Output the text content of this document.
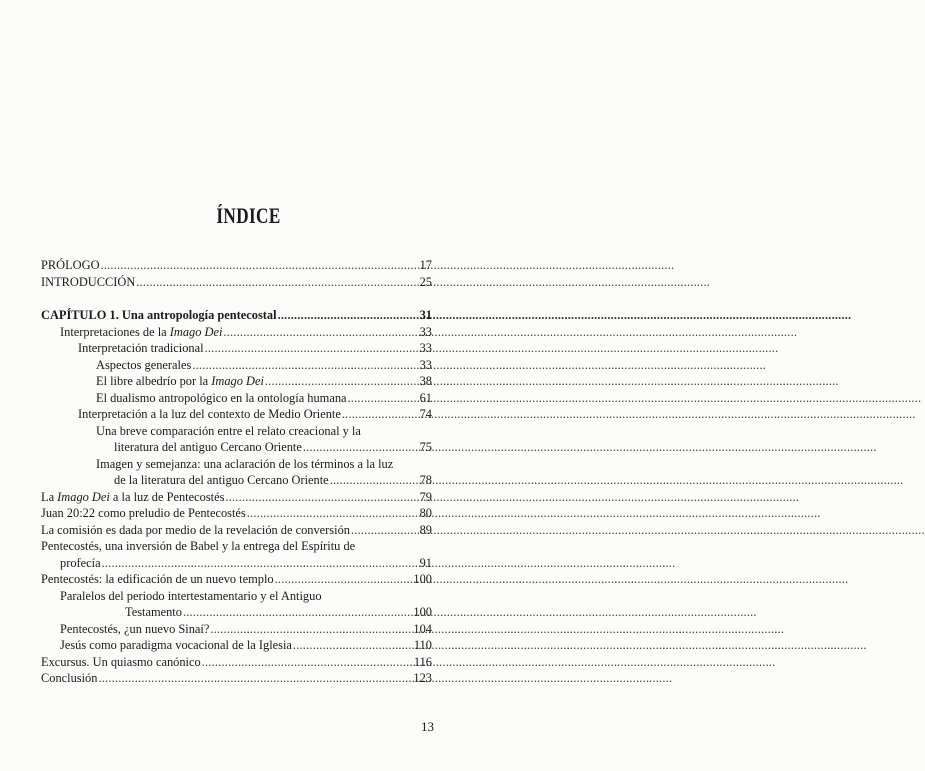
ÍNDICE
PRÓLOGO .....	17
INTRODUCCIÓN .....	25
CAPÍTULO 1. Una antropología pentecostal .....	31
Interpretaciones de la Imago Dei .....	33
Interpretación tradicional .....	33
Aspectos generales .....	33
El libre albedrío por la Imago Dei .....	38
El dualismo antropológico en la ontología humana .....	61
Interpretación a la luz del contexto de Medio Oriente .....	74
Una breve comparación entre el relato creacional y la
literatura del antiguo Cercano Oriente .....	75
Imagen y semejanza: una aclaración de los términos a la luz
de la literatura del antiguo Cercano Oriente .....	78
La Imago Dei a la luz de Pentecostés .....	79
Juan 20:22 como preludio de Pentecostés .....	80
La comisión es dada por medio de la revelación de conversión .....	89
Pentecostés, una inversión de Babel y la entrega del Espíritu de
profecía .....	91
Pentecostés: la edificación de un nuevo templo .....	100
Paralelos del periodo intertestamentario y el Antiguo
Testamento .....	100
Pentecostés, ¿un nuevo Sinaí? .....	104
Jesús como paradigma vocacional de la Iglesia .....	110
Excursus. Un quiasmo canónico .....	116
Conclusión .....	123
13
